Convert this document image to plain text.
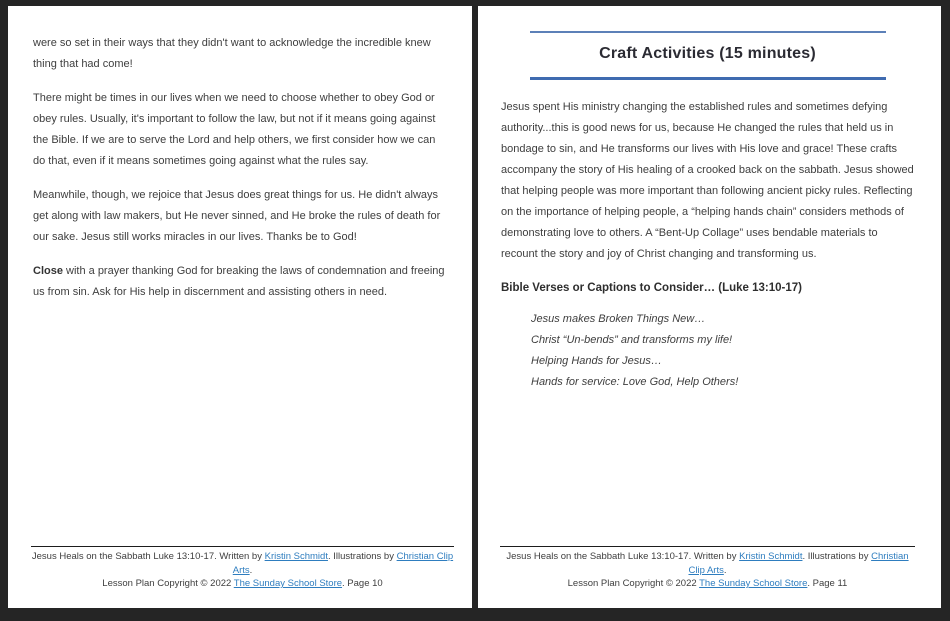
were so set in their ways that they didn't want to acknowledge the incredible knew thing that had come!

There might be times in our lives when we need to choose whether to obey God or obey rules. Usually, it's important to follow the law, but not if it means going against the Bible. If we are to serve the Lord and help others, we first consider how we can do that, even if it means sometimes going against what the rules say.

Meanwhile, though, we rejoice that Jesus does great things for us. He didn't always get along with law makers, but He never sinned, and He broke the rules of death for our sake. Jesus still works miracles in our lives. Thanks be to God!

Close with a prayer thanking God for breaking the laws of condemnation and freeing us from sin. Ask for His help in discernment and assisting others in need.

Jesus Heals on the Sabbath Luke 13:10-17. Written by Kristin Schmidt. Illustrations by Christian Clip Arts.
Lesson Plan Copyright © 2022 The Sunday School Store. Page 10
Craft Activities (15 minutes)

Jesus spent His ministry changing the established rules and sometimes defying authority...this is good news for us, because He changed the rules that held us in bondage to sin, and He transforms our lives with His love and grace! These crafts accompany the story of His healing of a crooked back on the sabbath. Jesus showed that helping people was more important than following ancient picky rules. Reflecting on the importance of helping people, a “helping hands chain” considers methods of demonstrating love to others. A “Bent-Up Collage” uses bendable materials to recount the story and joy of Christ changing and transforming us.

Bible Verses or Captions to Consider… (Luke 13:10-17)
Jesus makes Broken Things New…
Christ “Un-bends” and transforms my life!
Helping Hands for Jesus…
Hands for service: Love God, Help Others!
Jesus Heals on the Sabbath Luke 13:10-17. Written by Kristin Schmidt. Illustrations by Christian Clip Arts.
Lesson Plan Copyright © 2022 The Sunday School Store. Page 11
